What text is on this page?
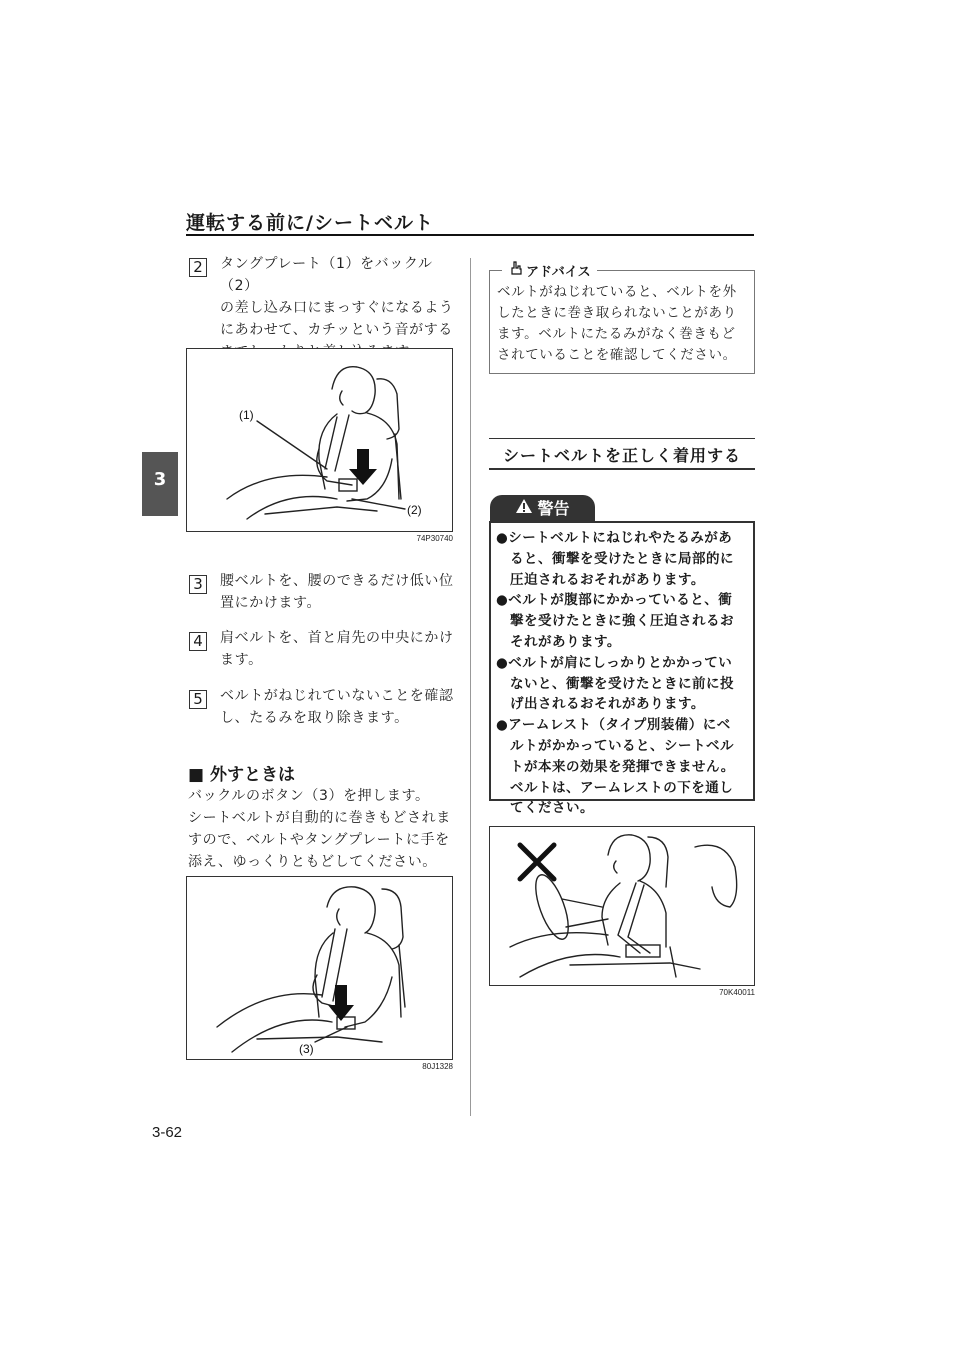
運転する前に/シートベルト
3
2	タングプレート（1）をバックル（2）
の差し込み口にまっすぐになるよう
にあわせて、カチッという音がする
(1)
(2)
74P30740
3	腰ベルトを、腰のできるだけ低い位
置にかけます。
4	肩ベルトを、首と肩先の中央にかけ
ます。
5	ベルトがねじれていないことを確認
し、たるみを取り除きます。
■ 外すときは
バックルのボタン（3）を押します。
シートベルトが自動的に巻きもどされま
すので、ベルトやタングプレートに手を
添え、ゆっくりともどしてください。
(3)
80J1328
アドバイス
ベルトがねじれていると、ベルトを外
したときに巻き取られないことがあり
ます。ベルトにたるみがなく巻きもど
されていることを確認してください。
シートベルトを正しく着用する
警告
●シートベルトにねじれやたるみがあ
　ると、衝撃を受けたときに局部的に
　圧迫されるおそれがあります。
●ベルトが腹部にかかっていると、衝
　撃を受けたときに強く圧迫されるお
　それがあります。
●ベルトが肩にしっかりとかかってい
　ないと、衝撃を受けたときに前に投
　げ出されるおそれがあります。
●アームレスト（タイプ別装備）にベ
　ルトがかかっていると、シートベル
　トが本来の効果を発揮できません。
　ベルトは、アームレストの下を通し
　てください。
70K40011
3-62
